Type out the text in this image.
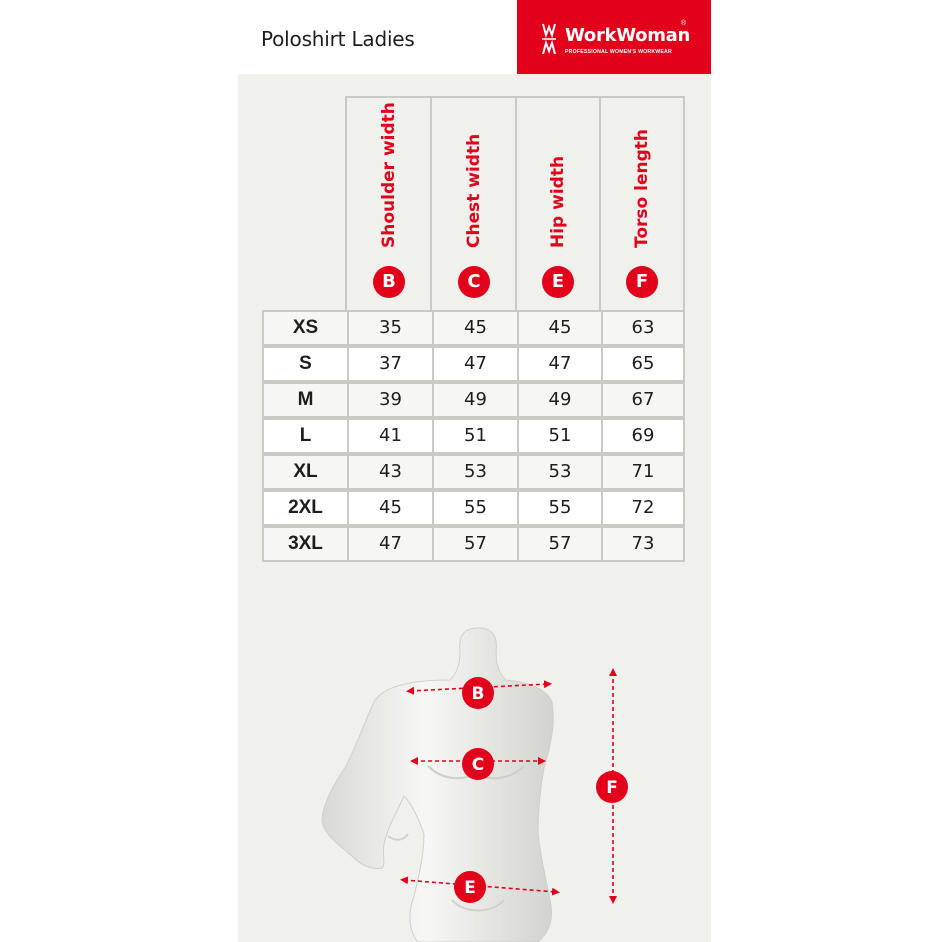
Poloshirt Ladies	WorkWoman
®
PROFESSIONAL WOMEN'S WORKWEAR
Shoulder width
B
Chest width
C
Hip width
E
Torso length
F
XS	35	45	45	63
S	37	47	47	65
M	39	49	49	67
L	41	51	51	69
XL	43	53	53	71
2XL	45	55	55	72
3XL	47	57	57	73
B
C
E
F
